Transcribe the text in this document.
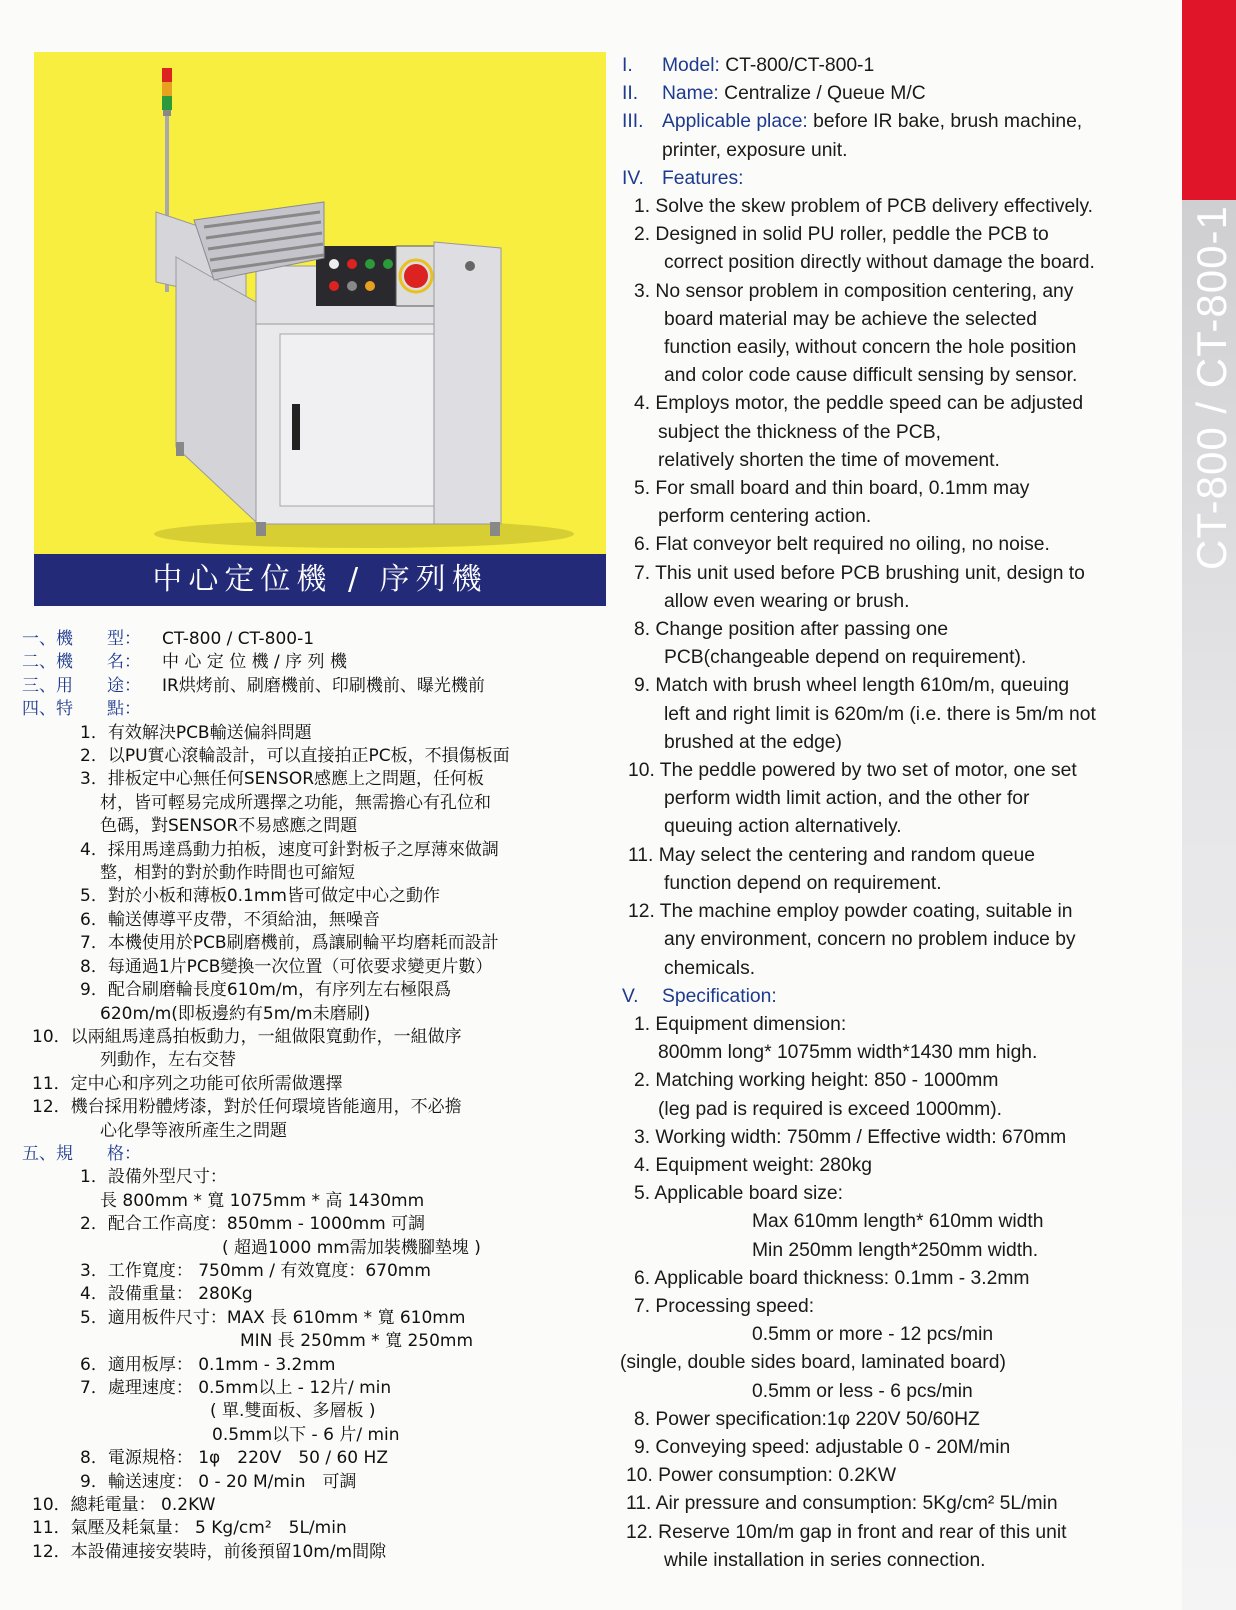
CT-800 / CT-800-1
中心定位機 / 序列機
一、機　　型：	CT-800 / CT-800-1
二、機　　名：	中 心 定 位 機 / 序 列 機
三、用　　途：	IR烘烤前、刷磨機前、印刷機前、曝光機前
四、特　　點：
1．有效解決PCB輸送偏斜問題
2．以PU實心滾輪設計，可以直接拍正PC板，不損傷板面
3．排板定中心無任何SENSOR感應上之問題，任何板
材，皆可輕易完成所選擇之功能，無需擔心有孔位和
色碼，對SENSOR不易感應之問題
4．採用馬達爲動力拍板，速度可針對板子之厚薄來做調
整，相對的對於動作時間也可縮短
5．對於小板和薄板0.1mm皆可做定中心之動作
6．輸送傳導平皮帶，不須給油，無噪音
7．本機使用於PCB刷磨機前，爲讓刷輪平均磨耗而設計
8．每通過1片PCB變換一次位置（可依要求變更片數）
9．配合刷磨輪長度610m/m，有序列左右極限爲
620m/m(即板邊約有5m/m未磨刷)
10．以兩組馬達爲拍板動力，一組做限寬動作，一組做序
列動作，左右交替
11．定中心和序列之功能可依所需做選擇
12．機台採用粉體烤漆，對於任何環境皆能適用，不必擔
心化學等液所產生之問題
五、規　　格：
1．設備外型尺寸：
長 800mm * 寬 1075mm * 高 1430mm
2．配合工作高度：850mm - 1000mm 可調
( 超過1000 mm需加裝機腳墊塊 )
3．工作寬度： 750mm / 有效寬度：670mm
4．設備重量： 280Kg
5．適用板件尺寸：MAX 長 610mm * 寬 610mm
MIN 長 250mm * 寬 250mm
6．適用板厚： 0.1mm - 3.2mm
7．處理速度： 0.5mm以上 - 12片/ min
( 單.雙面板、多層板 )
0.5mm以下 - 6 片/ min
8．電源規格： 1φ　220V　50 / 60 HZ
9．輸送速度： 0 - 20 M/min　可調
10．總耗電量： 0.2KW
11．氣壓及耗氣量： 5 Kg/cm²　5L/min
12．本設備連接安裝時，前後預留10m/m間隙
I. Model: CT-800/CT-800-1
II. Name: Centralize / Queue M/C
III. Applicable place: before IR bake, brush machine,
printer, exposure unit.
IV. Features:
1. Solve the skew problem of PCB delivery effectively.
2. Designed in solid PU roller, peddle the PCB to
correct position directly without damage the board.
3. No sensor problem in composition centering, any
board material may be achieve the selected
function easily, without concern the hole position
and color code cause difficult sensing by sensor.
4. Employs motor, the peddle speed can be adjusted
subject the thickness of the PCB,
relatively shorten the time of movement.
5. For small board and thin board, 0.1mm may
perform centering action.
6. Flat conveyor belt required no oiling, no noise.
7. This unit used before PCB brushing unit, design to
allow even wearing or brush.
8. Change position after passing one
PCB(changeable depend on requirement).
9. Match with brush wheel length 610m/m, queuing
left and right limit is 620m/m (i.e. there is 5m/m not
brushed at the edge)
10. The peddle powered by two set of motor, one set
perform width limit action, and the other for
queuing action alternatively.
11. May select the centering and random queue
function depend on requirement.
12. The machine employ powder coating, suitable in
any environment, concern no problem induce by
chemicals.
V. Specification:
1. Equipment dimension:
800mm long* 1075mm width*1430 mm high.
2. Matching working height: 850 - 1000mm
(leg pad is required is exceed 1000mm).
3. Working width: 750mm / Effective width: 670mm
4. Equipment weight: 280kg
5. Applicable board size:
Max 610mm length* 610mm width
Min 250mm length*250mm width.
6. Applicable board thickness: 0.1mm - 3.2mm
7. Processing speed:
0.5mm or more - 12 pcs/min
(single, double sides board, laminated board)
0.5mm or less - 6 pcs/min
8. Power specification:1φ 220V 50/60HZ
9. Conveying speed: adjustable 0 - 20M/min
10. Power consumption: 0.2KW
11. Air pressure and consumption: 5Kg/cm² 5L/min
12. Reserve 10m/m gap in front and rear of this unit
while installation in series connection.
